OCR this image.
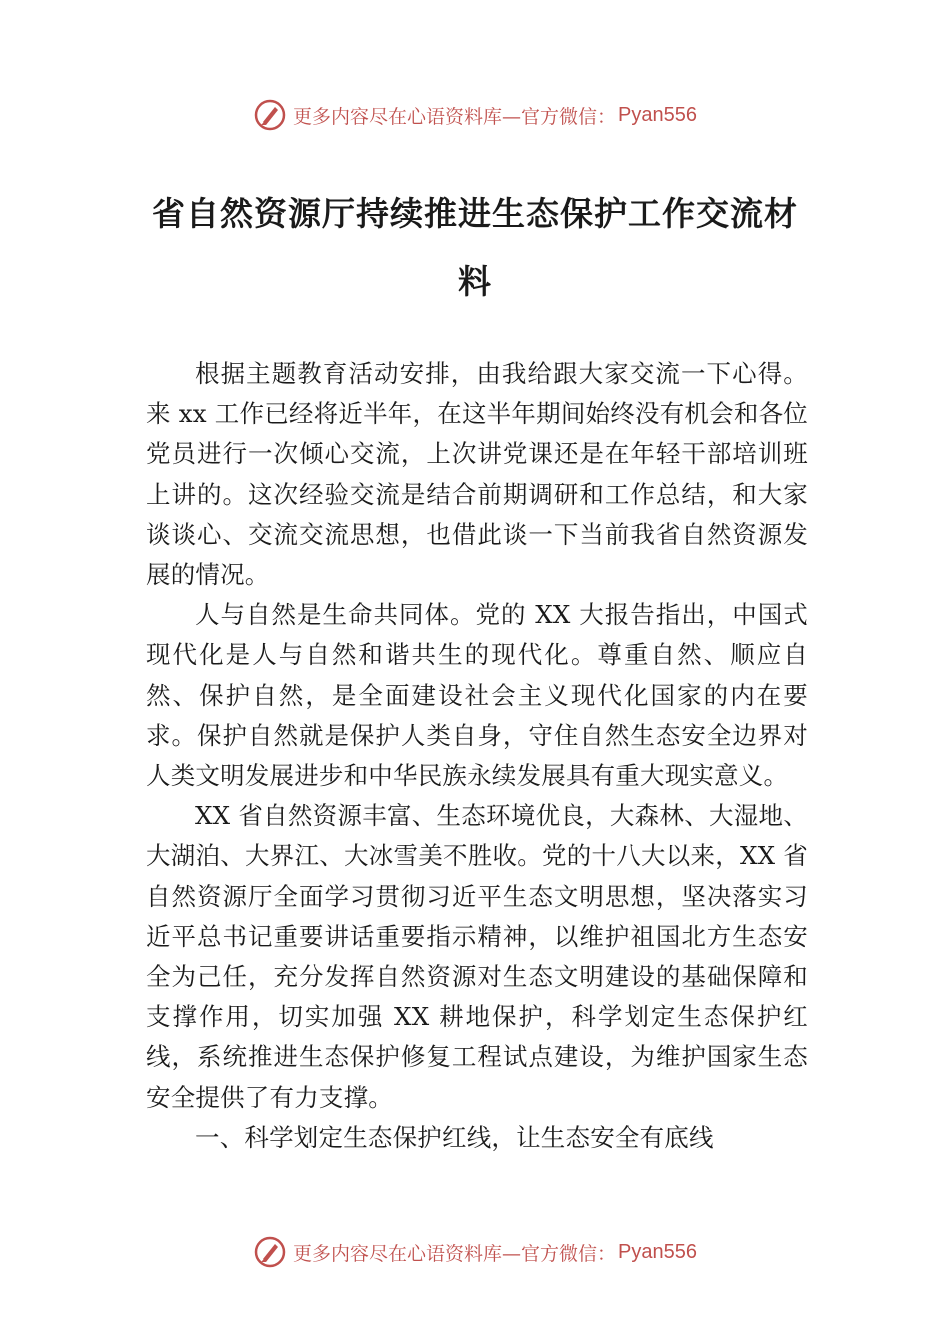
更多内容尽在心语资料库—官方微信： Pyan556
省自然资源厅持续推进生态保护工作交流材料

根据主题教育活动安排，由我给跟大家交流一下心得。来 xx 工作已经将近半年，在这半年期间始终没有机会和各位党员进行一次倾心交流，上次讲党课还是在年轻干部培训班上讲的。这次经验交流是结合前期调研和工作总结，和大家谈谈心、交流交流思想，也借此谈一下当前我省自然资源发展的情况。

人与自然是生命共同体。党的 XX 大报告指出，中国式现代化是人与自然和谐共生的现代化。尊重自然、顺应自然、保护自然，是全面建设社会主义现代化国家的内在要求。保护自然就是保护人类自身，守住自然生态安全边界对人类文明发展进步和中华民族永续发展具有重大现实意义。

XX 省自然资源丰富、生态环境优良，大森林、大湿地、大湖泊、大界江、大冰雪美不胜收。党的十八大以来，XX 省自然资源厅全面学习贯彻习近平生态文明思想，坚决落实习近平总书记重要讲话重要指示精神，以维护祖国北方生态安全为己任，充分发挥自然资源对生态文明建设的基础保障和支撑作用，切实加强 XX 耕地保护，科学划定生态保护红线，系统推进生态保护修复工程试点建设，为维护国家生态安全提供了有力支撑。

一、科学划定生态保护红线，让生态安全有底线

更多内容尽在心语资料库—官方微信： Pyan556
